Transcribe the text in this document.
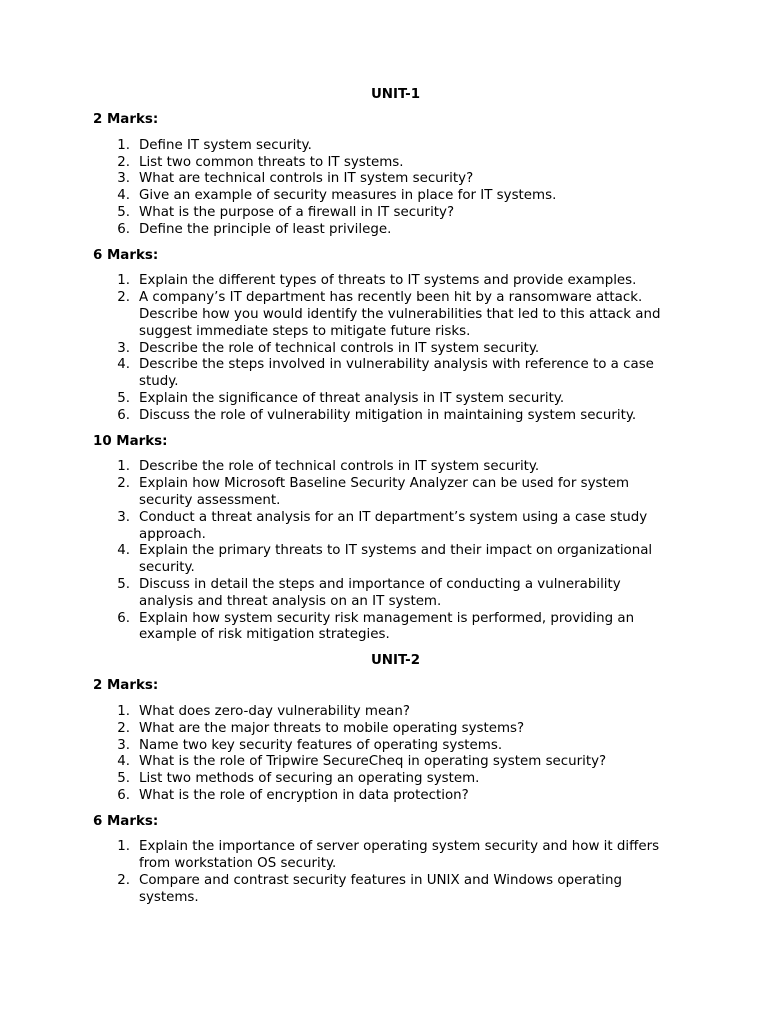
UNIT-1
2 Marks:
1. Define IT system security.
2. List two common threats to IT systems.
3. What are technical controls in IT system security?
4. Give an example of security measures in place for IT systems.
5. What is the purpose of a firewall in IT security?
6. Define the principle of least privilege.
6 Marks:
1. Explain the different types of threats to IT systems and provide examples.
2. A company’s IT department has recently been hit by a ransomware attack. Describe how you would identify the vulnerabilities that led to this attack and suggest immediate steps to mitigate future risks.
3. Describe the role of technical controls in IT system security.
4. Describe the steps involved in vulnerability analysis with reference to a case study.
5. Explain the significance of threat analysis in IT system security.
6. Discuss the role of vulnerability mitigation in maintaining system security.
10 Marks:
1. Describe the role of technical controls in IT system security.
2. Explain how Microsoft Baseline Security Analyzer can be used for system security assessment.
3. Conduct a threat analysis for an IT department’s system using a case study approach.
4. Explain the primary threats to IT systems and their impact on organizational security.
5. Discuss in detail the steps and importance of conducting a vulnerability analysis and threat analysis on an IT system.
6. Explain how system security risk management is performed, providing an example of risk mitigation strategies.
UNIT-2
2 Marks:
1. What does zero-day vulnerability mean?
2. What are the major threats to mobile operating systems?
3. Name two key security features of operating systems.
4. What is the role of Tripwire SecureCheq in operating system security?
5. List two methods of securing an operating system.
6. What is the role of encryption in data protection?
6 Marks:
1. Explain the importance of server operating system security and how it differs from workstation OS security.
2. Compare and contrast security features in UNIX and Windows operating systems.
